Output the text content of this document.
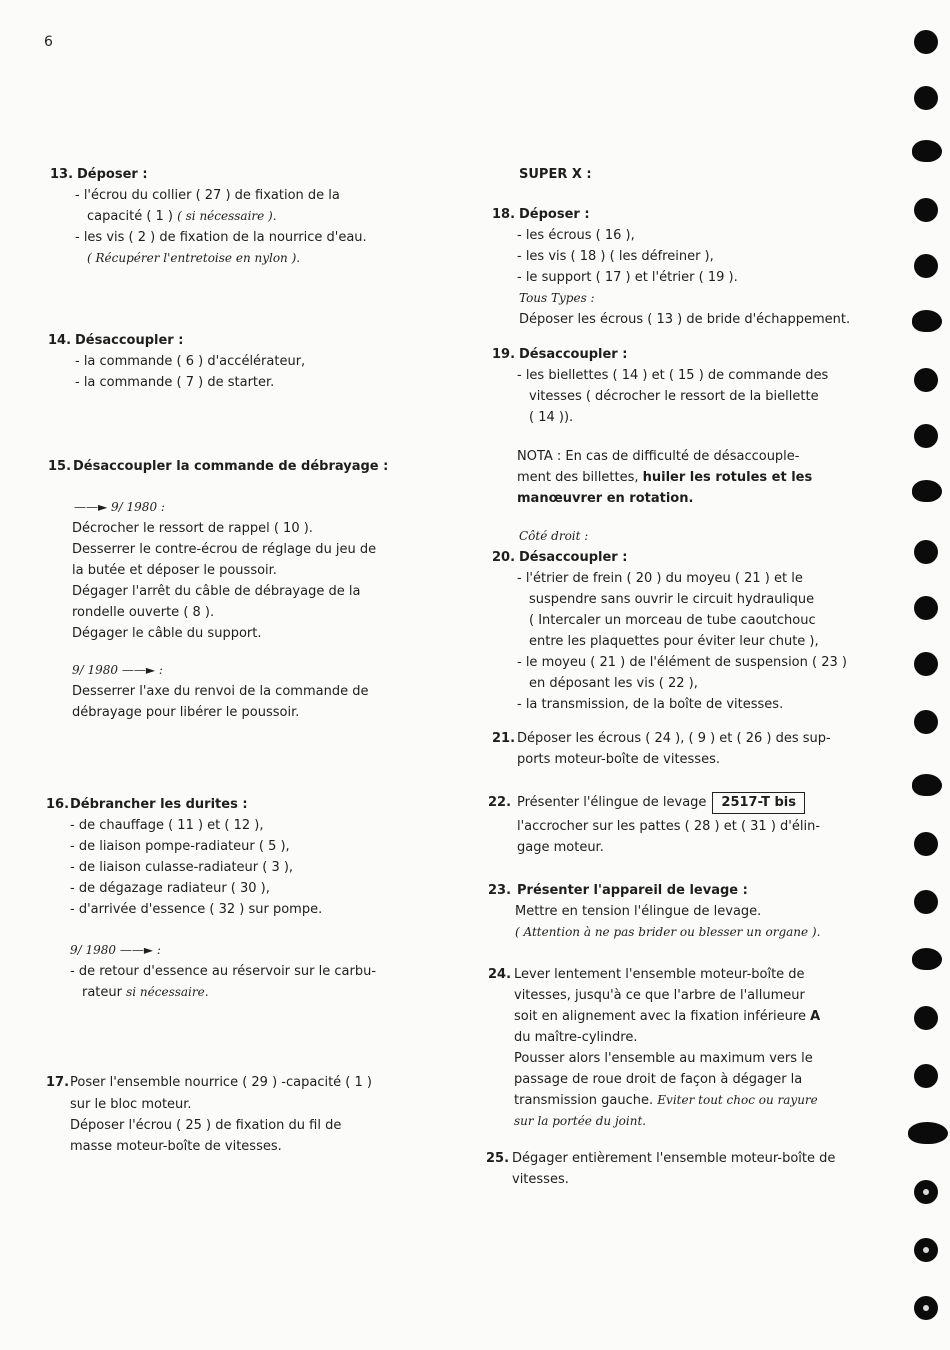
6
13. Déposer :
- l'écrou du collier ( 27 ) de fixation de la
capacité ( 1 ) ( si nécessaire ).
- les vis ( 2 ) de fixation de la nourrice d'eau.
( Récupérer l'entretoise en nylon ).
14. Désaccoupler :
- la commande ( 6 ) d'accélérateur,
- la commande ( 7 ) de starter.
15. Désaccoupler la commande de débrayage :
——► 9/ 1980 :
Décrocher le ressort de rappel ( 10 ).
Desserrer le contre-écrou de réglage du jeu de
la butée et déposer le poussoir.
Dégager l'arrêt du câble de débrayage de la
rondelle ouverte ( 8 ).
Dégager le câble du support.
9/ 1980 ——► :
Desserrer l'axe du renvoi de la commande de
débrayage pour libérer le poussoir.
16. Débrancher les durites :
- de chauffage ( 11 ) et ( 12 ),
- de liaison pompe-radiateur ( 5 ),
- de liaison culasse-radiateur ( 3 ),
- de dégazage radiateur ( 30 ),
- d'arrivée d'essence ( 32 ) sur pompe.
9/ 1980 ——► :
- de retour d'essence au réservoir sur le carbu-
rateur si nécessaire.
17. Poser l'ensemble nourrice ( 29 ) -capacité ( 1 )
sur le bloc moteur.
Déposer l'écrou ( 25 ) de fixation du fil de
masse moteur-boîte de vitesses.
SUPER X :
18. Déposer :
- les écrous ( 16 ),
- les vis ( 18 ) ( les défreiner ),
- le support ( 17 ) et l'étrier ( 19 ).
Tous Types :
Déposer les écrous ( 13 ) de bride d'échappement.
19. Désaccoupler :
- les biellettes ( 14 ) et ( 15 ) de commande des
vitesses ( décrocher le ressort de la biellette
( 14 )).
NOTA : En cas de difficulté de désaccouple-
ment des billettes, huiler les rotules et les
manœuvrer en rotation.
Côté droit :
20. Désaccoupler :
- l'étrier de frein ( 20 ) du moyeu ( 21 ) et le
suspendre sans ouvrir le circuit hydraulique
( Intercaler un morceau de tube caoutchouc
entre les plaquettes pour éviter leur chute ),
- le moyeu ( 21 ) de l'élément de suspension ( 23 )
en déposant les vis ( 22 ),
- la transmission, de la boîte de vitesses.
21. Déposer les écrous ( 24 ), ( 9 ) et ( 26 ) des sup-
ports moteur-boîte de vitesses.
22. Présenter l'élingue de levage 2517-T bis
l'accrocher sur les pattes ( 28 ) et ( 31 ) d'élin-
gage moteur.
23. Présenter l'appareil de levage :
Mettre en tension l'élingue de levage.
( Attention à ne pas brider ou blesser un organe ).
24. Lever lentement l'ensemble moteur-boîte de
vitesses, jusqu'à ce que l'arbre de l'allumeur
soit en alignement avec la fixation inférieure A
du maître-cylindre.
Pousser alors l'ensemble au maximum vers le
passage de roue droit de façon à dégager la
transmission gauche. Eviter tout choc ou rayure
sur la portée du joint.
25. Dégager entièrement l'ensemble moteur-boîte de
vitesses.
